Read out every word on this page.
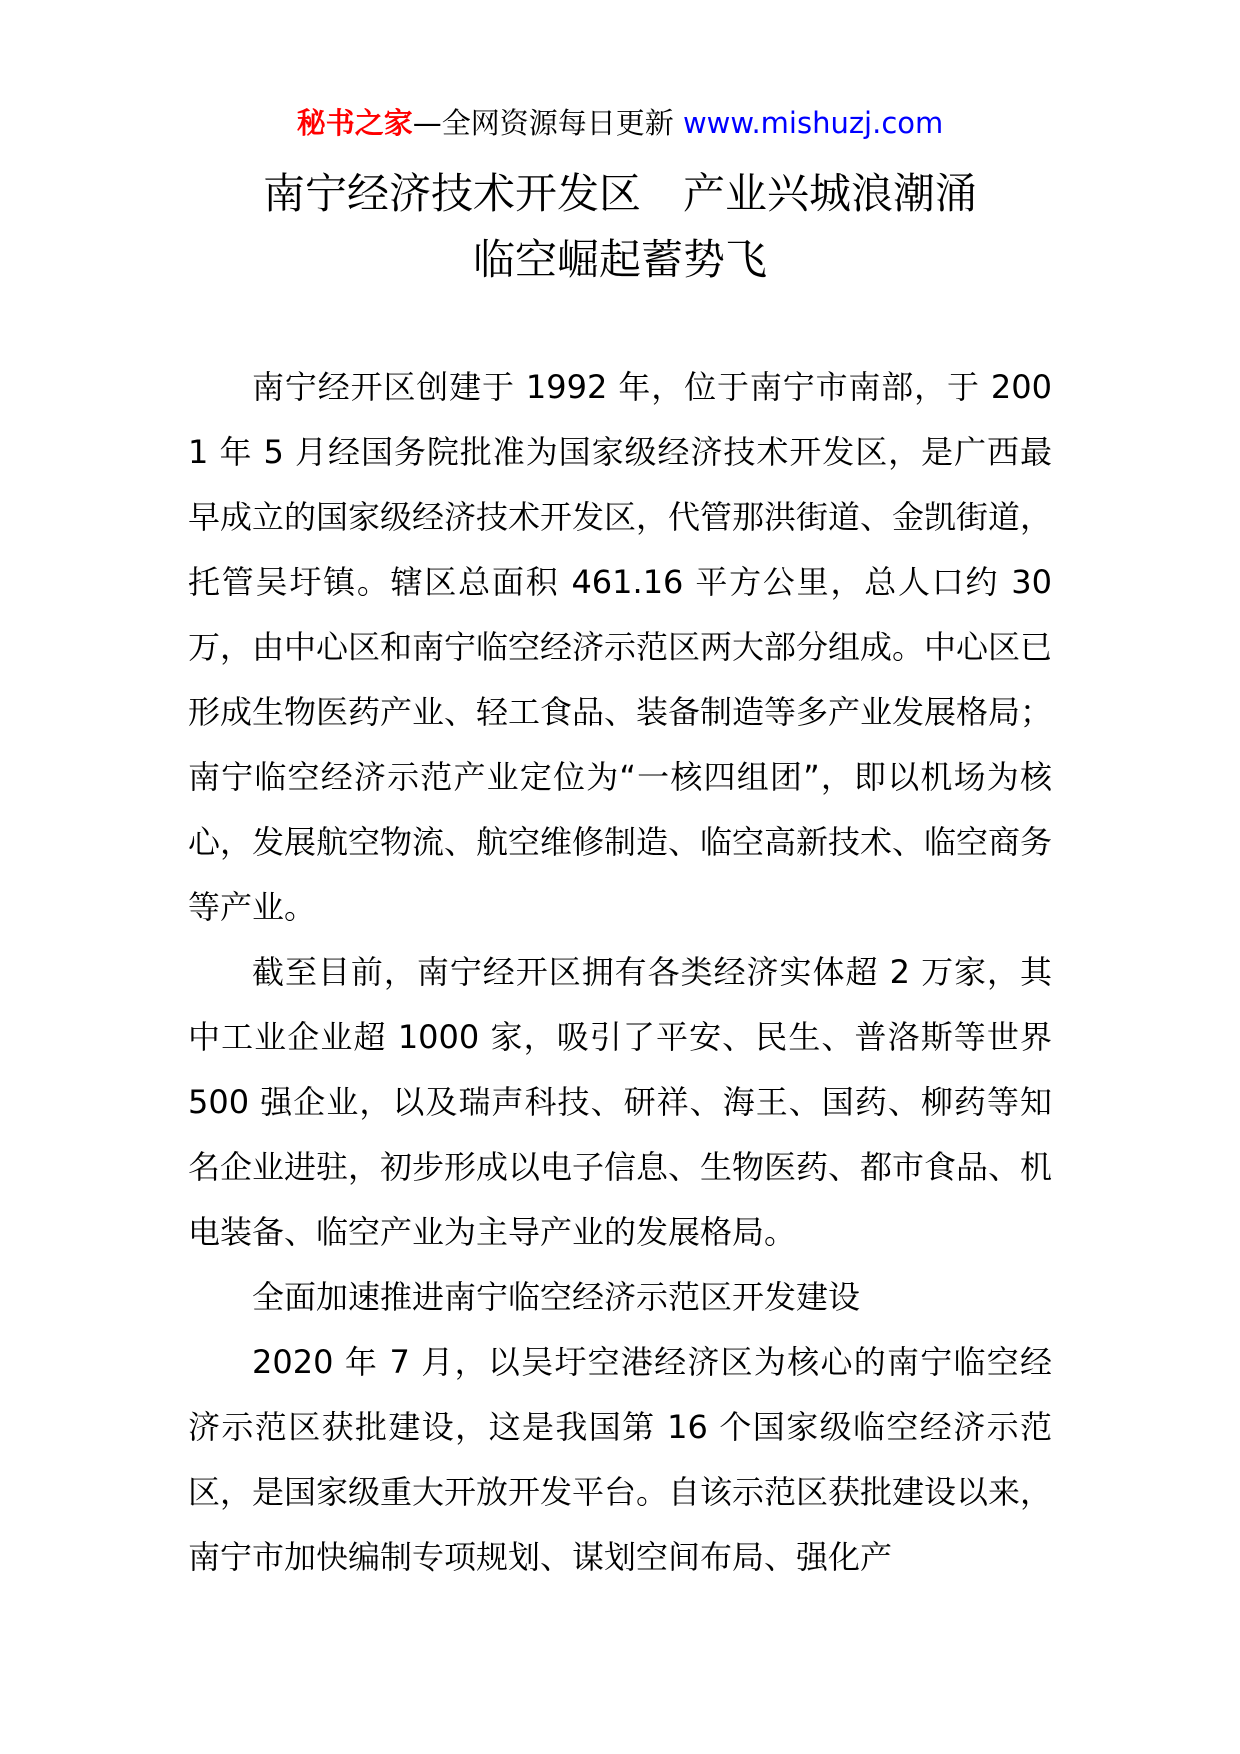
秘书之家—全网资源每日更新 www.mishuzj.com
南宁经济技术开发区　产业兴城浪潮涌
临空崛起蓄势飞

南宁经开区创建于 1992 年，位于南宁市南部，于 2001 年 5 月经国务院批准为国家级经济技术开发区，是广西最早成立的国家级经济技术开发区，代管那洪街道、金凯街道，托管吴圩镇。辖区总面积 461.16 平方公里，总人口约 30 万，由中心区和南宁临空经济示范区两大部分组成。中心区已形成生物医药产业、轻工食品、装备制造等多产业发展格局；南宁临空经济示范产业定位为“一核四组团”，即以机场为核心，发展航空物流、航空维修制造、临空高新技术、临空商务等产业。

截至目前，南宁经开区拥有各类经济实体超 2 万家，其中工业企业超 1000 家，吸引了平安、民生、普洛斯等世界 500 强企业，以及瑞声科技、研祥、海王、国药、柳药等知名企业进驻，初步形成以电子信息、生物医药、都市食品、机电装备、临空产业为主导产业的发展格局。

全面加速推进南宁临空经济示范区开发建设

2020 年 7 月，以吴圩空港经济区为核心的南宁临空经济示范区获批建设，这是我国第 16 个国家级临空经济示范区，是国家级重大开放开发平台。自该示范区获批建设以来，南宁市加快编制专项规划、谋划空间布局、强化产
